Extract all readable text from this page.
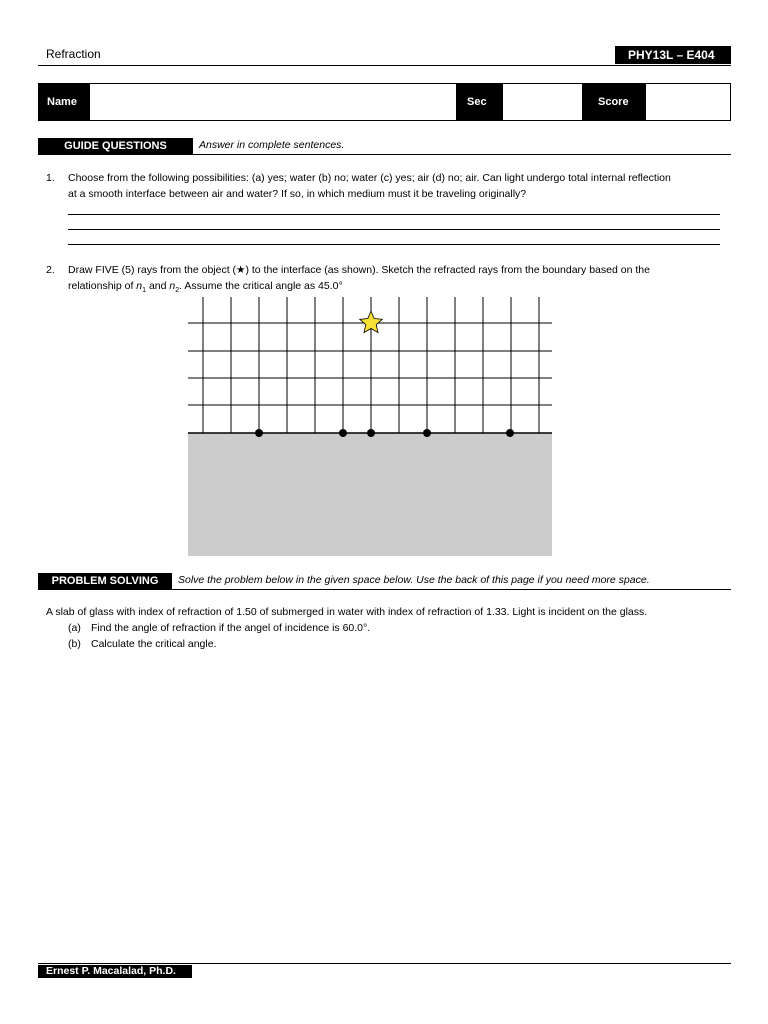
Refraction	PHY13L – E404
Name	Sec	Score
GUIDE QUESTIONS	Answer in complete sentences.
1. Choose from the following possibilities: (a) yes; water (b) no; water (c) yes; air (d) no; air. Can light undergo total internal reflection
at a smooth interface between air and water? If so, in which medium must it be traveling originally?
2. Draw FIVE (5) rays from the object (★) to the interface (as shown). Sketch the refracted rays from the boundary based on the
relationship of $n_1$ and $n_2$. Assume the critical angle as 45.0°
PROBLEM SOLVING	Solve the problem below in the given space below. Use the back of this page if you need more space.
A slab of glass with index of refraction of 1.50 of submerged in water with index of refraction of 1.33. Light is incident on the glass.
(a) Find the angle of refraction if the angel of incidence is 60.0°.
(b) Calculate the critical angle.
Ernest P. Macalalad, Ph.D.
